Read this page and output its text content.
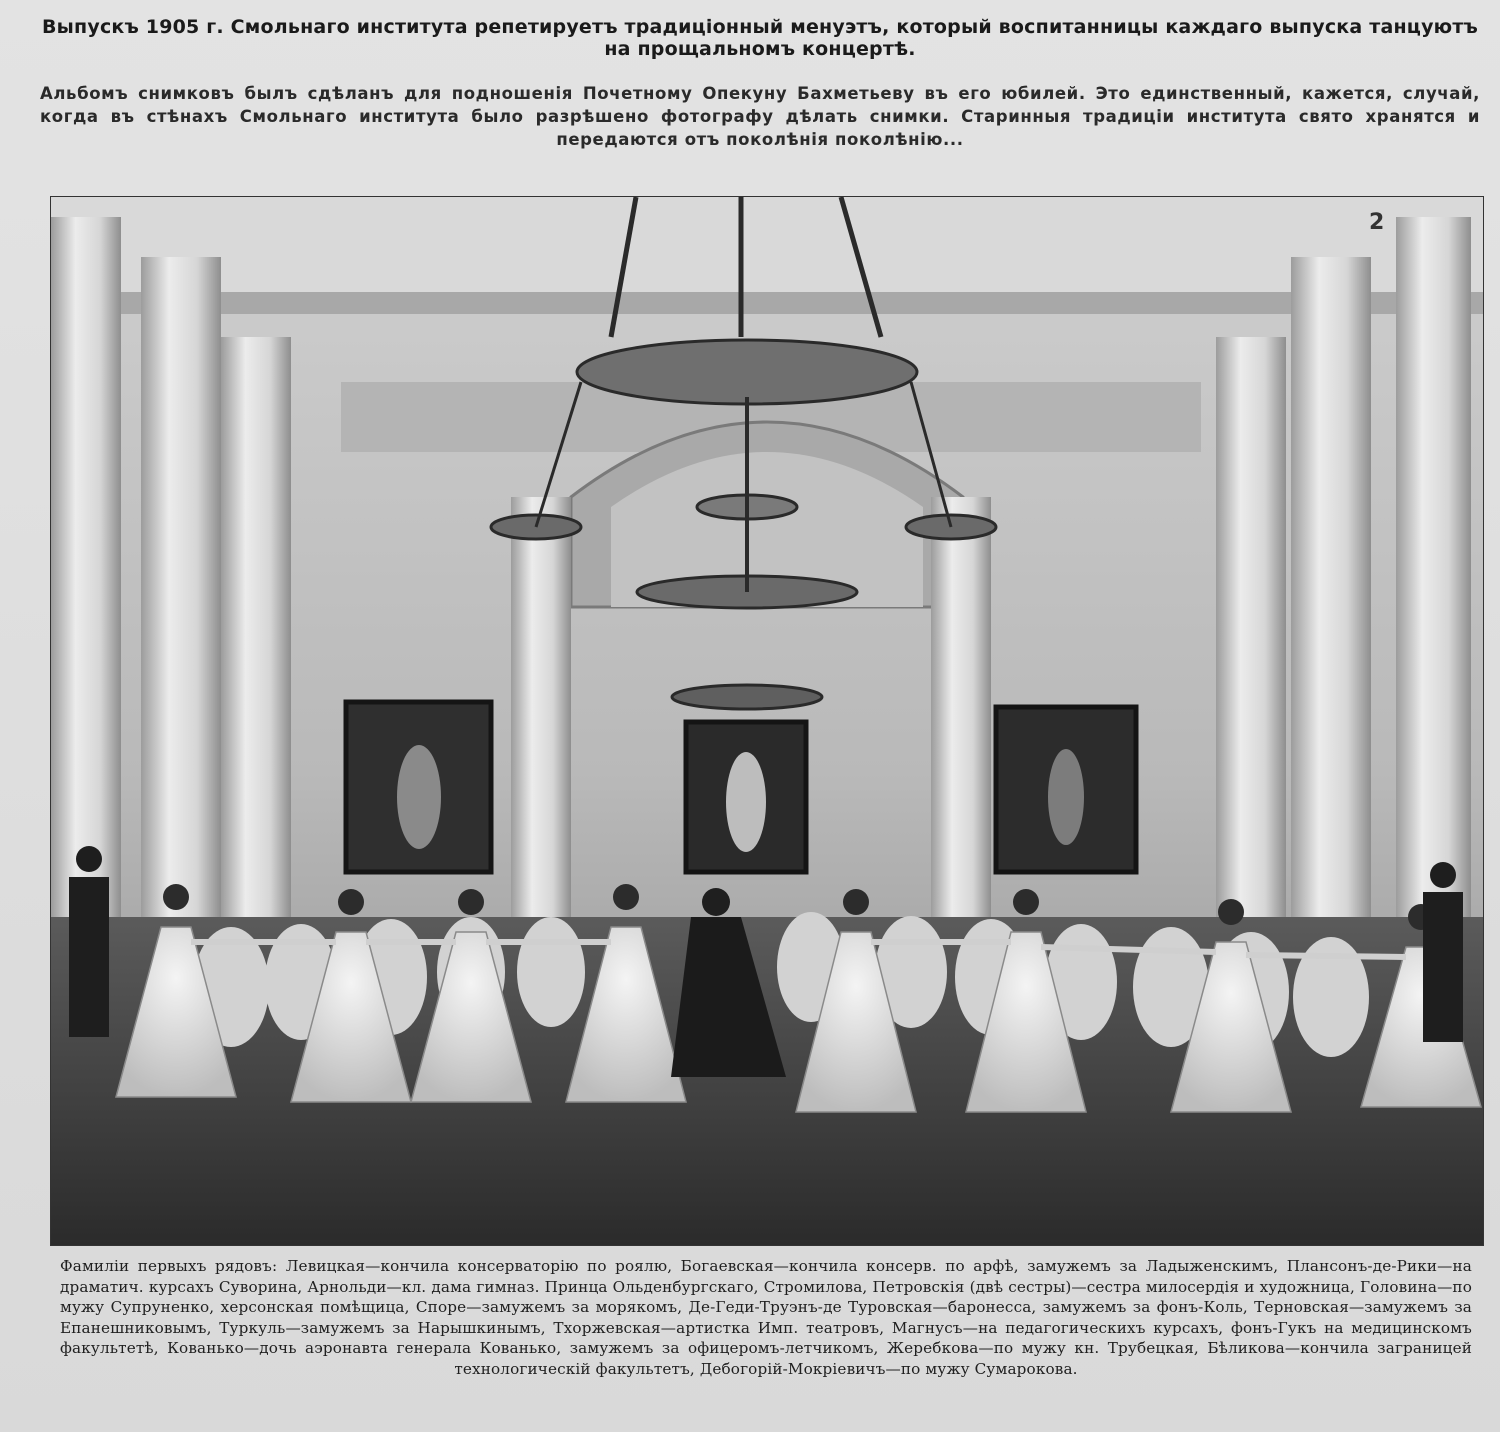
Выпускъ 1905 г. Смольнаго института репетируетъ традиціонный менуэтъ, который воспитанницы каждаго выпуска танцуютъ на прощальномъ концертѣ.

Альбомъ снимковъ былъ сдѣланъ для подношенія Почетному Опекуну Бахметьеву въ его юбилей. Это единственный, кажется, случай, когда въ стѣнахъ Смольнаго института было разрѣшено фотографу дѣлать снимки. Старинныя традиціи института свято хранятся и передаются отъ поколѣнія поколѣнію...

2

Фамиліи первыхъ рядовъ: Левицкая—кончила консерваторію по роялю, Богаевская—кончила консерв. по арфѣ, замужемъ за Ладыженскимъ, Плансонъ-де-Рики—на драматич. курсахъ Суворина, Арнольди—кл. дама гимназ. Принца Ольденбургскаго, Стромилова, Петровскія (двѣ сестры)—сестра милосердія и художница, Головина—по мужу Супруненко, херсонская помѣщица, Споре—замужемъ за морякомъ, Де-Геди-Труэнъ-де Туровская—баронесса, замужемъ за фонъ-Коль, Терновская—замужемъ за Епанешниковымъ, Туркуль—замужемъ за Нарышкинымъ, Тхоржевская—артистка Имп. театровъ, Магнусъ—на педагогическихъ курсахъ, фонъ-Гукъ на медицинскомъ факультетѣ, Кованько—дочь аэронавта генерала Кованько, замужемъ за офицеромъ-летчикомъ, Жеребкова—по мужу кн. Трубецкая, Бѣликова—кончила заграницей технологическій факультетъ, Дебогорій-Мокріевичъ—по мужу Сумарокова.
